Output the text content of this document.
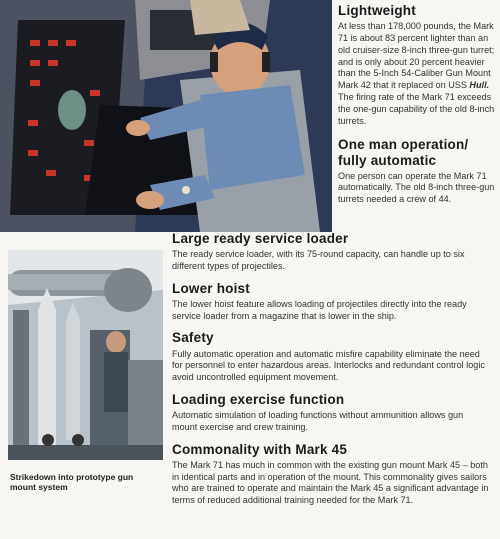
Strikedown into prototype gun mount system
Lightweight

At less than 178,000 pounds, the Mark 71 is about 83 percent lighter than an old cruiser-size 8-inch three-gun turret; and is only about 20 percent heavier than the 5-Inch 54-Caliber Gun Mount Mark 42 that it replaced on USS Hull. The firing rate of the Mark 71 exceeds the one-gun capability of the old 8-inch turrets.

One man operation/ fully automatic

One person can operate the Mark 71 automatically. The old 8-inch three-gun turrets needed a crew of 44.

Large ready service loader

The ready service loader, with its 75-round capacity, can handle up to six different types of projectiles.

Lower hoist

The lower hoist feature allows loading of projectiles directly into the ready service loader from a magazine that is lower in the ship.

Safety

Fully automatic operation and automatic misfire capability eliminate the need for personnel to enter hazardous areas. Interlocks and redundant control logic avoid uncontrolled equipment movement.

Loading exercise function

Automatic simulation of loading functions without ammunition allows gun mount exercise and crew training.

Commonality with Mark 45

The Mark 71 has much in common with the existing gun mount Mark 45 – both in identical parts and in operation of the mount. This commonality gives sailors who are trained to operate and maintain the Mark 45 a significant advantage in terms of reduced additional training needed for the Mark 71.
